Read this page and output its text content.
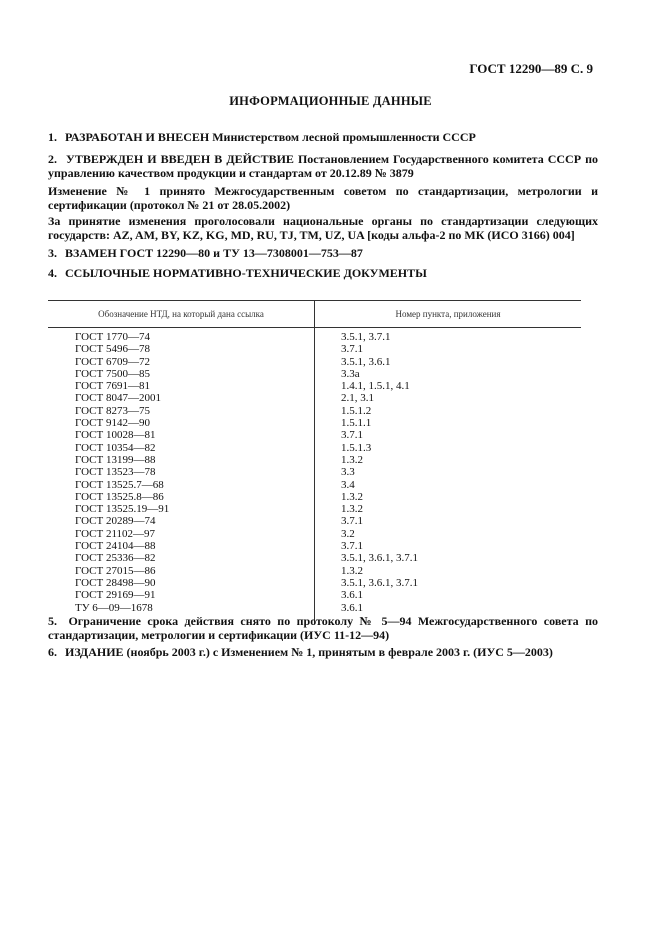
ГОСТ 12290—89 С. 9
ИНФОРМАЦИОННЫЕ ДАННЫЕ
1. РАЗРАБОТАН И ВНЕСЕН Министерством лесной промышленности СССР
2. УТВЕРЖДЕН И ВВЕДЕН В ДЕЙСТВИЕ Постановлением Государственного комитета СССР по управлению качеством продукции и стандартам от 20.12.89 № 3879
Изменение № 1 принято Межгосударственным советом по стандартизации, метрологии и сертификации (протокол № 21 от 28.05.2002)
За принятие изменения проголосовали национальные органы по стандартизации следующих государств: AZ, AM, BY, KZ, KG, MD, RU, TJ, TM, UZ, UA [коды альфа-2 по МК (ИСО 3166) 004]
3. ВЗАМЕН ГОСТ 12290—80 и ТУ 13—7308001—753—87
4. ССЫЛОЧНЫЕ НОРМАТИВНО-ТЕХНИЧЕСКИЕ ДОКУМЕНТЫ
Обозначение НТД, на который дана ссылка	Номер пункта, приложения
ГОСТ 1770—74
ГОСТ 5496—78
ГОСТ 6709—72
ГОСТ 7500—85
ГОСТ 7691—81
ГОСТ 8047—2001
ГОСТ 8273—75
ГОСТ 9142—90
ГОСТ 10028—81
ГОСТ 10354—82
ГОСТ 13199—88
ГОСТ 13523—78
ГОСТ 13525.7—68
ГОСТ 13525.8—86
ГОСТ 13525.19—91
ГОСТ 20289—74
ГОСТ 21102—97
ГОСТ 24104—88
ГОСТ 25336—82
ГОСТ 27015—86
ГОСТ 28498—90
ГОСТ 29169—91
ТУ 6—09—1678
3.5.1, 3.7.1
3.7.1
3.5.1, 3.6.1
3.3а
1.4.1, 1.5.1, 4.1
2.1, 3.1
1.5.1.2
1.5.1.1
3.7.1
1.5.1.3
1.3.2
3.3
3.4
1.3.2
1.3.2
3.7.1
3.2
3.7.1
3.5.1, 3.6.1, 3.7.1
1.3.2
3.5.1, 3.6.1, 3.7.1
3.6.1
3.6.1
5. Ограничение срока действия снято по протоколу № 5—94 Межгосударственного совета по стандартизации, метрологии и сертификации (ИУС 11-12—94)
6. ИЗДАНИЕ (ноябрь 2003 г.) с Изменением № 1, принятым в феврале 2003 г. (ИУС 5—2003)
